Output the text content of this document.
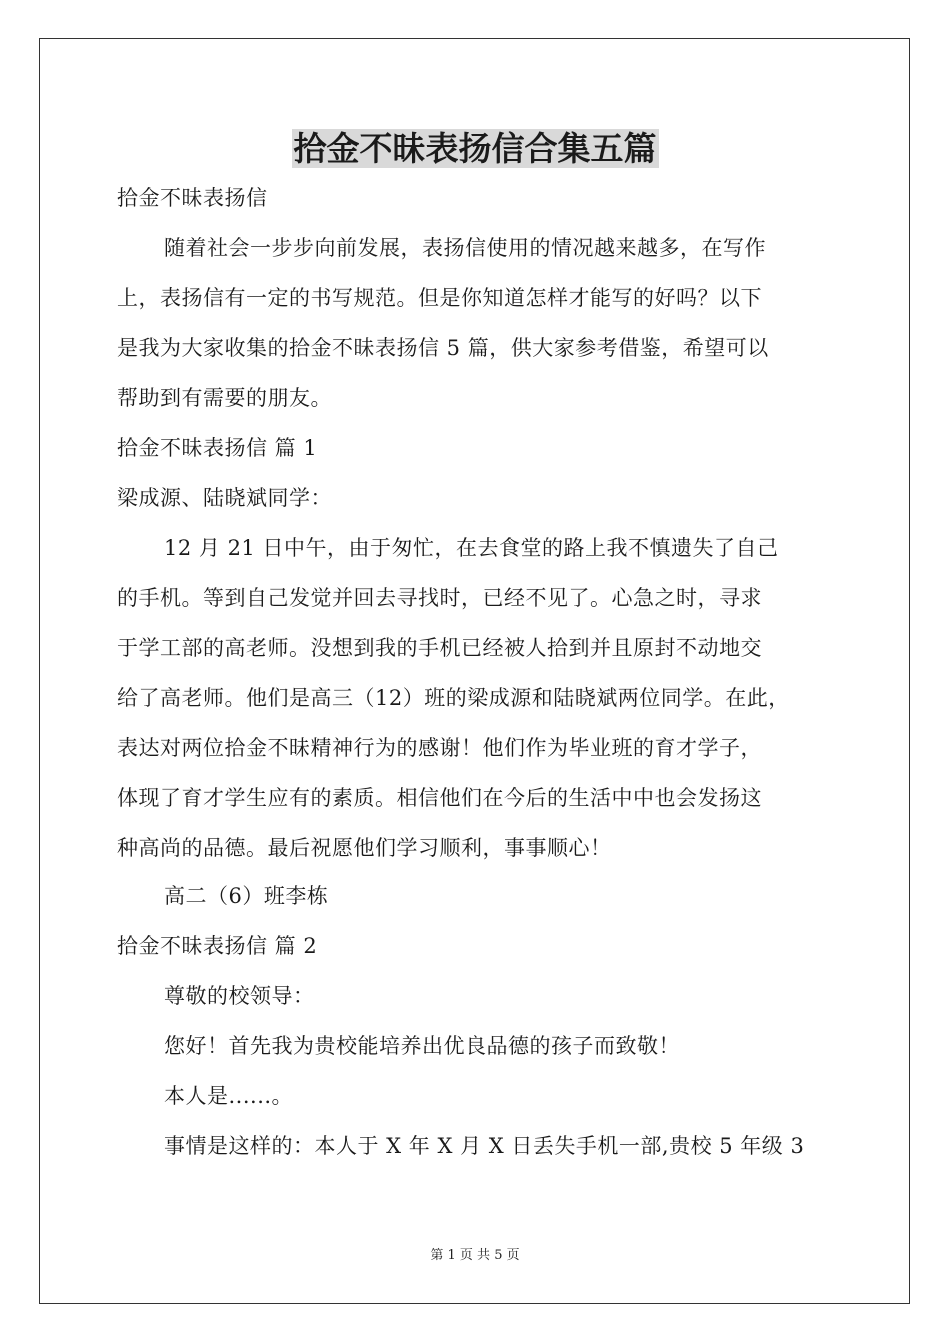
拾金不昧表扬信合集五篇
拾金不昧表扬信
随着社会一步步向前发展，表扬信使用的情况越来越多，在写作
上，表扬信有一定的书写规范。但是你知道怎样才能写的好吗？以下
是我为大家收集的拾金不昧表扬信 5 篇，供大家参考借鉴，希望可以
帮助到有需要的朋友。
拾金不昧表扬信 篇 1
梁成源、陆晓斌同学：
12 月 21 日中午，由于匆忙，在去食堂的路上我不慎遗失了自己
的手机。等到自己发觉并回去寻找时，已经不见了。心急之时，寻求
于学工部的高老师。没想到我的手机已经被人拾到并且原封不动地交
给了高老师。他们是高三（12）班的梁成源和陆晓斌两位同学。在此，
表达对两位拾金不昧精神行为的感谢！他们作为毕业班的育才学子，
体现了育才学生应有的素质。相信他们在今后的生活中中也会发扬这
种高尚的品德。最后祝愿他们学习顺利，事事顺心！
高二（6）班李栋
拾金不昧表扬信 篇 2
尊敬的校领导：
您好！首先我为贵校能培养出优良品德的孩子而致敬！
本人是......。
事情是这样的：本人于 X 年 X 月 X 日丢失手机一部,贵校 5 年级 3
第 1 页 共 5 页
